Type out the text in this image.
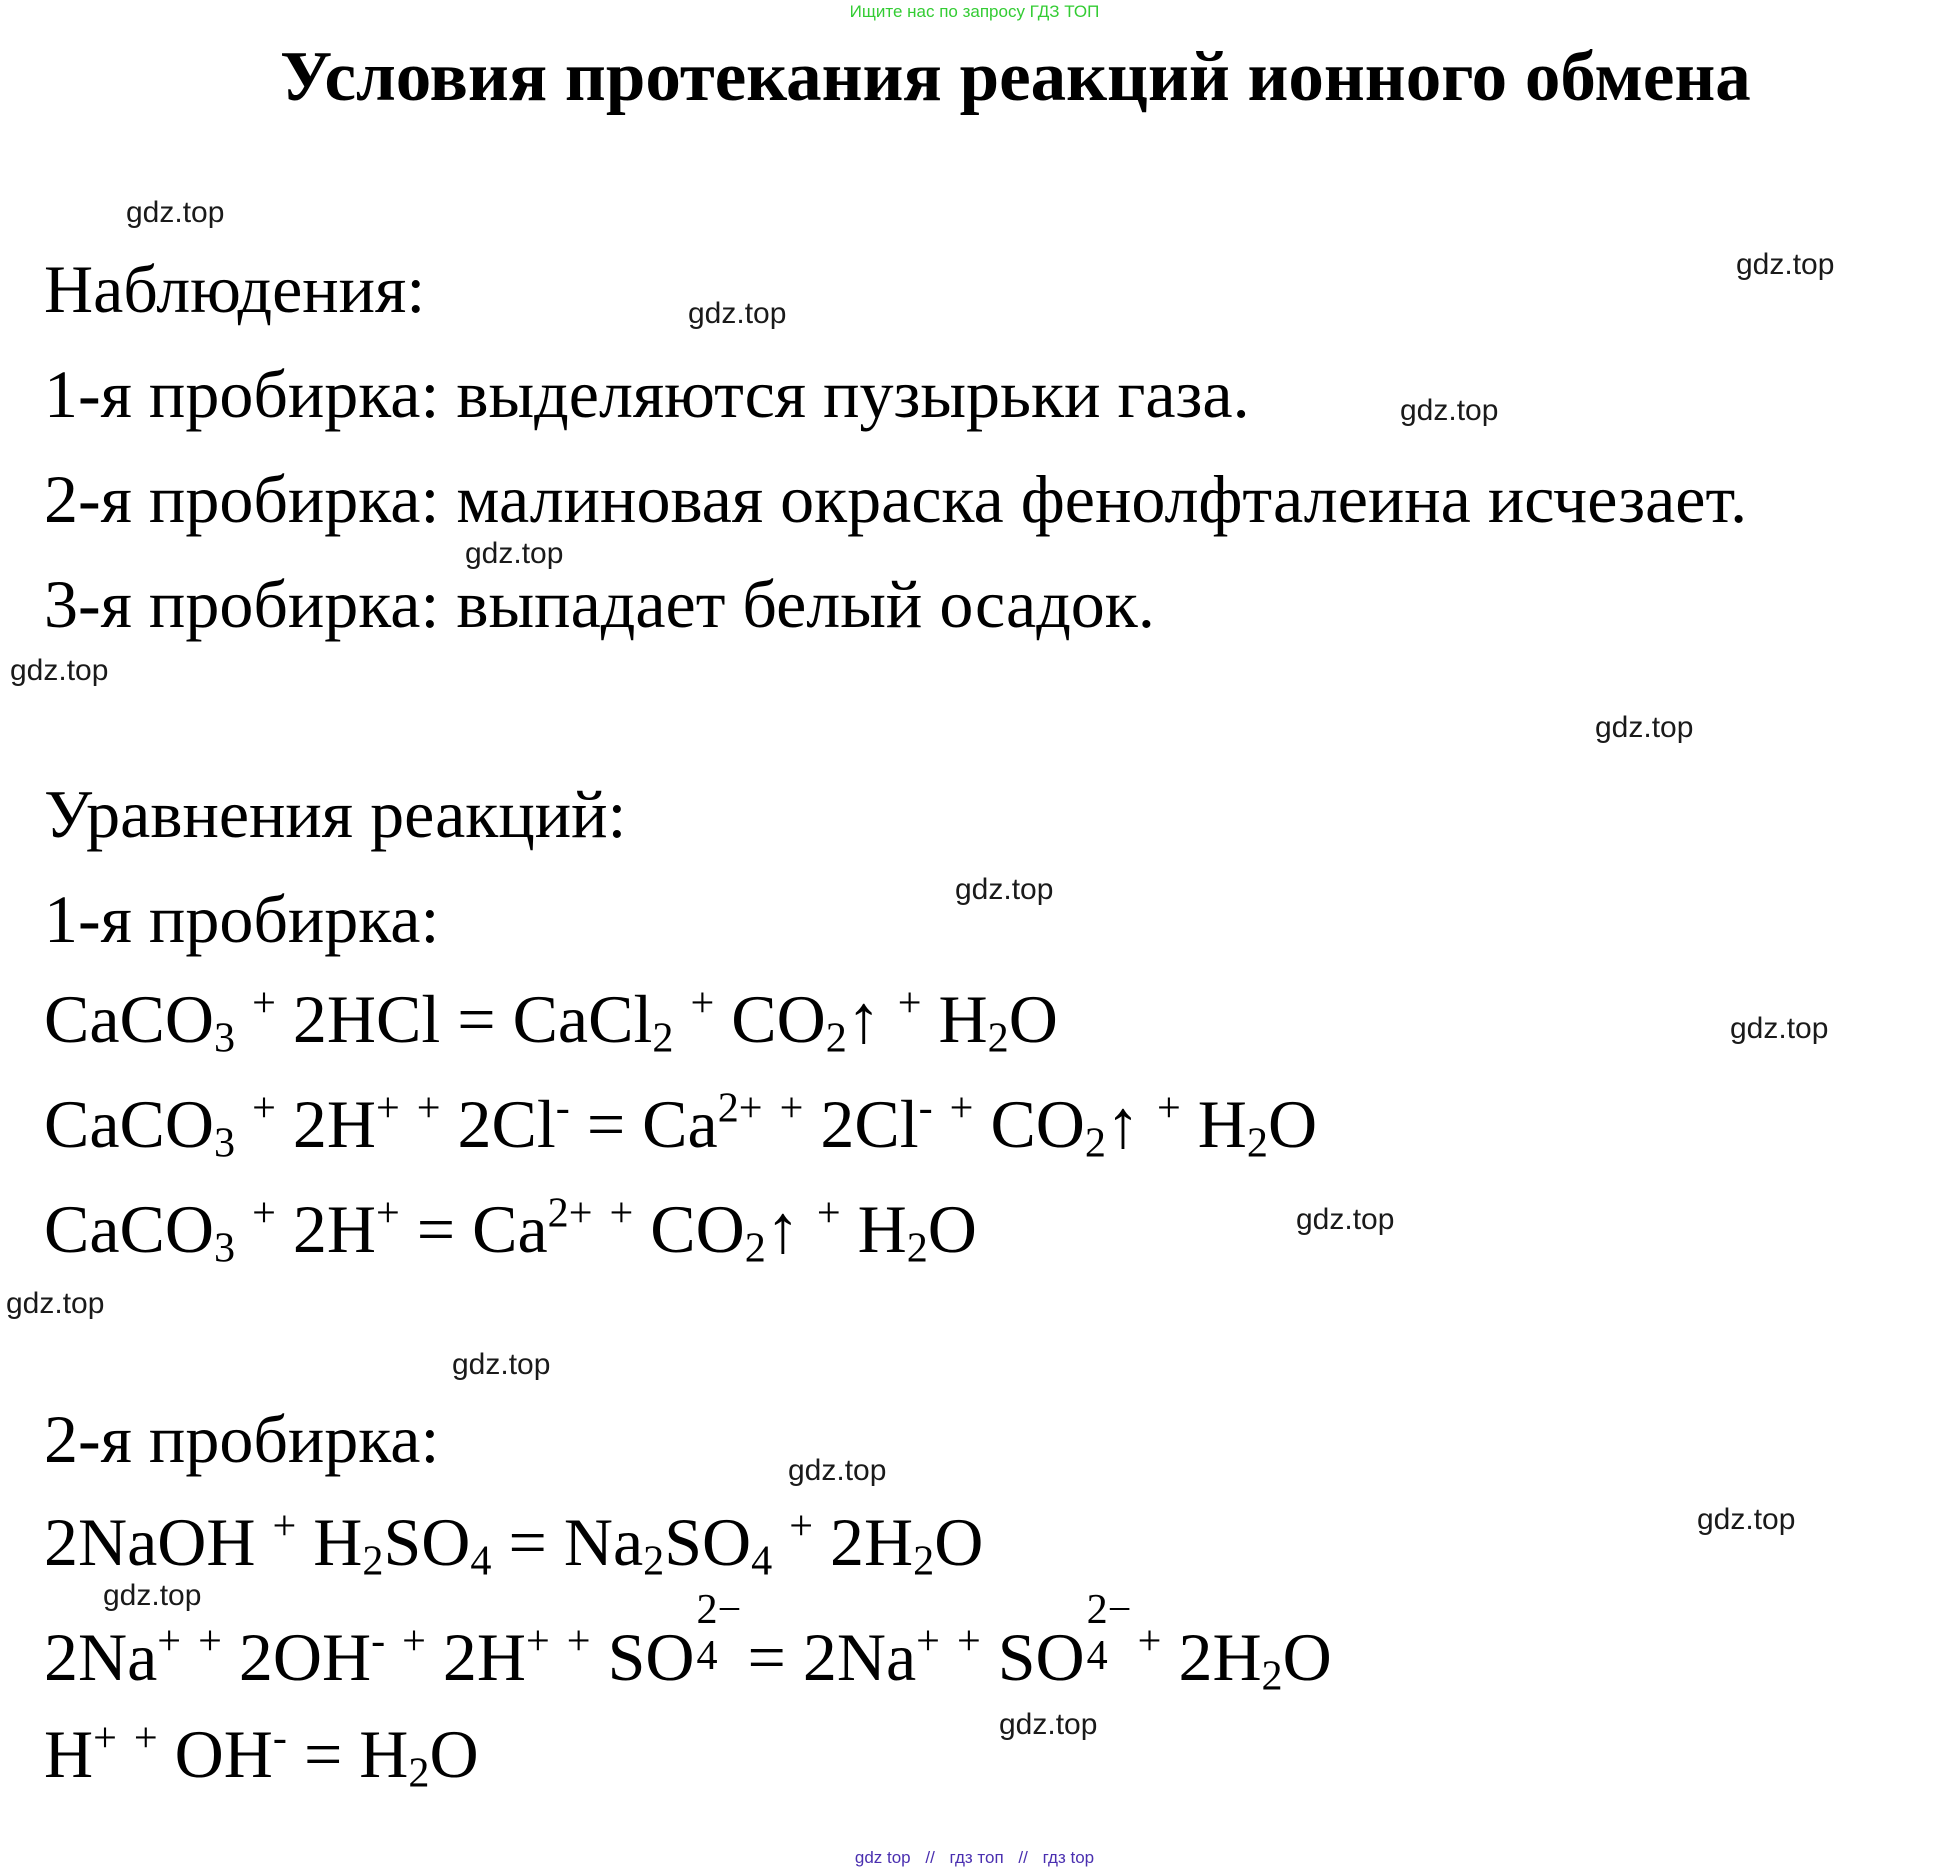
Ищите нас по запросу ГДЗ ТОП
Условия протекания реакций ионного обмена
Наблюдения:
1-я пробирка: выделяются пузырьки газа.
2-я пробирка: малиновая окраска фенолфталеина исчезает.
3-я пробирка: выпадает белый осадок.
Уравнения реакций:
1-я пробирка:
CaCO$_3$ + 2HCl = CaCl$_2$ + $CO_2↑$ + $H_2O$
CaCO$_3$ + 2H+ + $2Cl^- = Ca^{2+}$ + 2Cl- + $CO_2↑$ + $H_2O$
CaCO$_3$ + $2H^+ = Ca^{2+}$ + $CO_2↑$ + $H_2O$
2-я пробирка:
2NaOH + $H_2SO_4 = Na_2SO_4$ + $2H_2O$
2Na+ + 2OH- + 2H+ + SO
2−
4 = 2Na+ + SO
2−
4 + $2H_2O$
H+ + $OH^- = H_2O$
gdz.top
gdz.top
gdz.top
gdz.top
gdz.top
gdz.top
gdz.top
gdz.top
gdz.top
gdz.top
gdz.top
gdz.top
gdz.top
gdz.top
gdz.top
gdz.top
gdz top // гдз топ // гдз top
